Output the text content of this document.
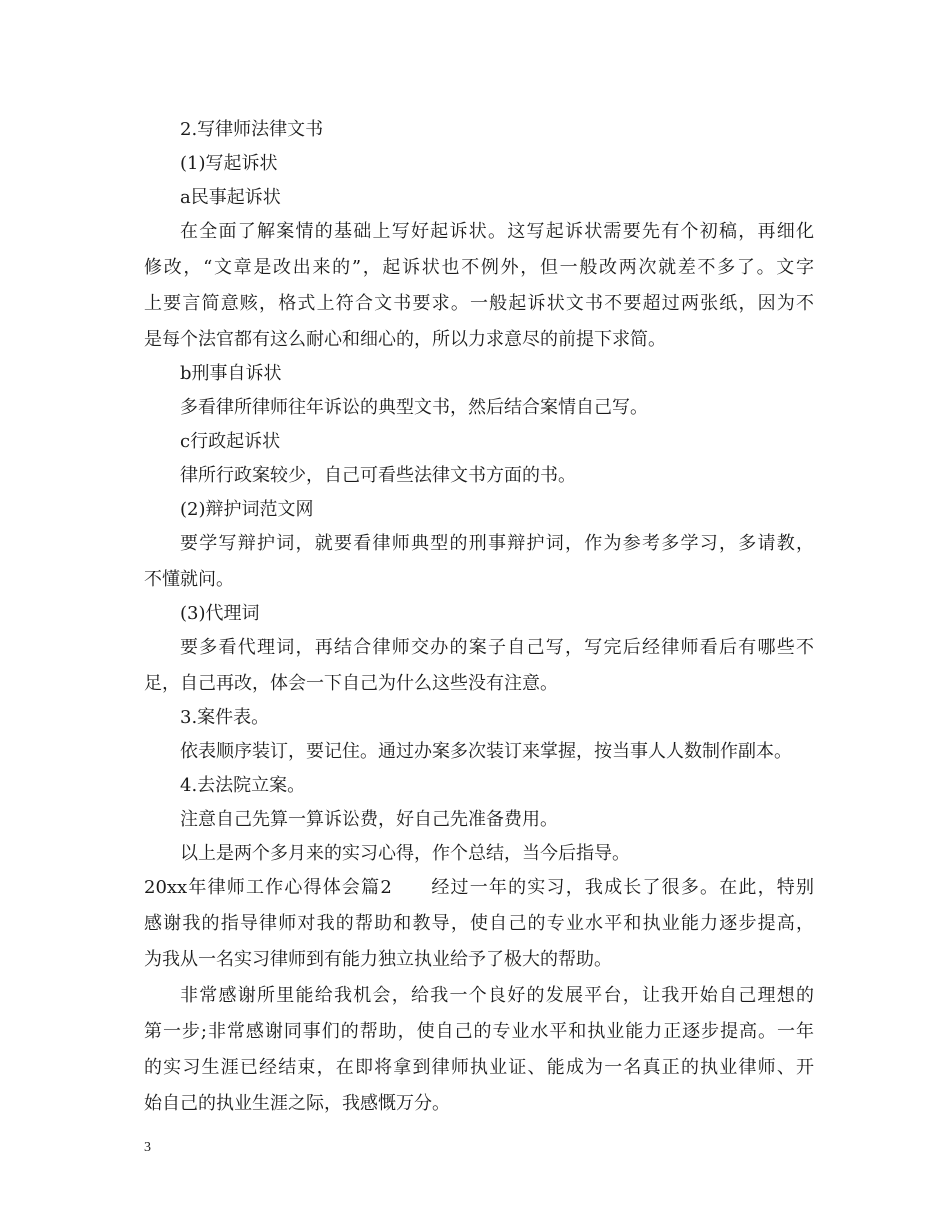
2.写律师法律文书
(1)写起诉状
a民事起诉状
在全面了解案情的基础上写好起诉状。这写起诉状需要先有个初稿，再细化
修改，“文章是改出来的”，起诉状也不例外，但一般改两次就差不多了。文字
上要言简意赅，格式上符合文书要求。一般起诉状文书不要超过两张纸，因为不
是每个法官都有这么耐心和细心的，所以力求意尽的前提下求简。
b刑事自诉状
多看律所律师往年诉讼的典型文书，然后结合案情自己写。
c行政起诉状
律所行政案较少，自己可看些法律文书方面的书。
(2)辩护词范文网
要学写辩护词，就要看律师典型的刑事辩护词，作为参考多学习，多请教，
不懂就问。
(3)代理词
要多看代理词，再结合律师交办的案子自己写，写完后经律师看后有哪些不
足，自己再改，体会一下自己为什么这些没有注意。
3.案件表。
依表顺序装订，要记住。通过办案多次装订来掌握，按当事人人数制作副本。
4.去法院立案。
注意自己先算一算诉讼费，好自己先准备费用。
以上是两个多月来的实习心得，作个总结，当今后指导。
20xx年律师工作心得体会篇2　　经过一年的实习，我成长了很多。在此，特别
感谢我的指导律师对我的帮助和教导，使自己的专业水平和执业能力逐步提高，
为我从一名实习律师到有能力独立执业给予了极大的帮助。
非常感谢所里能给我机会，给我一个良好的发展平台，让我开始自己理想的
第一步;非常感谢同事们的帮助，使自己的专业水平和执业能力正逐步提高。一年
的实习生涯已经结束，在即将拿到律师执业证、能成为一名真正的执业律师、开
始自己的执业生涯之际，我感慨万分。
3
